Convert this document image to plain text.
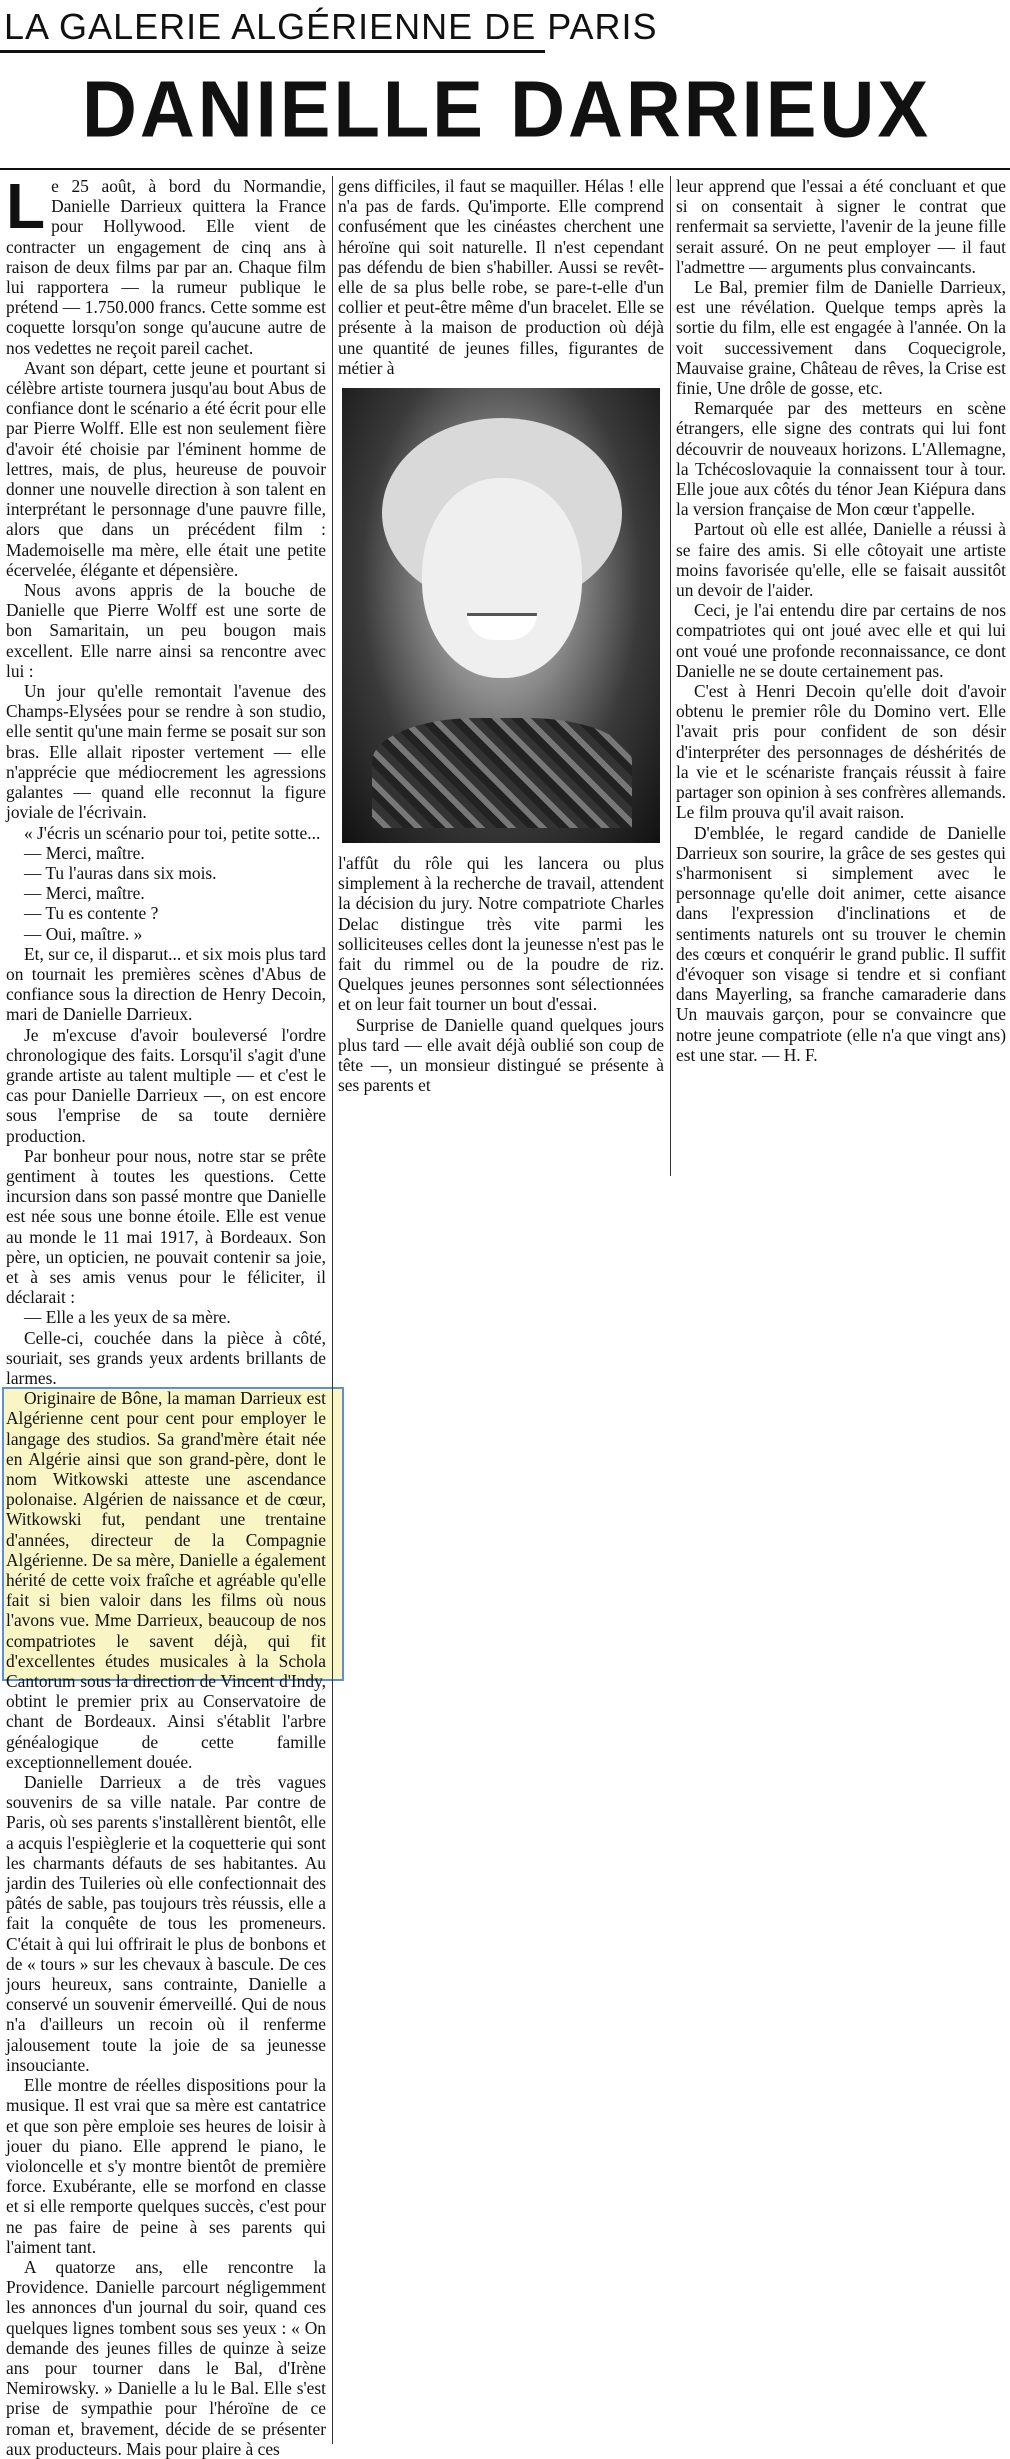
LA GALERIE ALGÉRIENNE DE PARIS
DANIELLE DARRIEUX

Le 25 août, à bord du Normandie, Danielle Darrieux quittera la France pour Hollywood. Elle vient de contracter un engagement de cinq ans à raison de deux films par par an. Chaque film lui rapportera — la rumeur publique le prétend — 1.750.000 francs. Cette somme est coquette lorsqu'on songe qu'aucune autre de nos vedettes ne reçoit pareil cachet.

Avant son départ, cette jeune et pourtant si célèbre artiste tournera jusqu'au bout Abus de confiance dont le scénario a été écrit pour elle par Pierre Wolff. Elle est non seulement fière d'avoir été choisie par l'éminent homme de lettres, mais, de plus, heureuse de pouvoir donner une nouvelle direction à son talent en interprétant le personnage d'une pauvre fille, alors que dans un précédent film : Mademoiselle ma mère, elle était une petite écervelée, élégante et dépensière.

Nous avons appris de la bouche de Danielle que Pierre Wolff est une sorte de bon Samaritain, un peu bougon mais excellent. Elle narre ainsi sa rencontre avec lui :

Un jour qu'elle remontait l'avenue des Champs-Elysées pour se rendre à son studio, elle sentit qu'une main ferme se posait sur son bras. Elle allait riposter vertement — elle n'apprécie que médiocrement les agressions galantes — quand elle reconnut la figure joviale de l'écrivain.

« J'écris un scénario pour toi, petite sotte...

— Merci, maître.

— Tu l'auras dans six mois.

— Merci, maître.

— Tu es contente ?

— Oui, maître. »

Et, sur ce, il disparut... et six mois plus tard on tournait les premières scènes d'Abus de confiance sous la direction de Henry Decoin, mari de Danielle Darrieux.

Je m'excuse d'avoir bouleversé l'ordre chronologique des faits. Lorsqu'il s'agit d'une grande artiste au talent multiple — et c'est le cas pour Danielle Darrieux —, on est encore sous l'emprise de sa toute dernière production.

Par bonheur pour nous, notre star se prête gentiment à toutes les questions. Cette incursion dans son passé montre que Danielle est née sous une bonne étoile. Elle est venue au monde le 11 mai 1917, à Bordeaux. Son père, un opticien, ne pouvait contenir sa joie, et à ses amis venus pour le féliciter, il déclarait :

— Elle a les yeux de sa mère.

Celle-ci, couchée dans la pièce à côté, souriait, ses grands yeux ardents brillants de larmes.

Originaire de Bône, la maman Darrieux est Algérienne cent pour cent pour employer le langage des studios. Sa grand'mère était née en Algérie ainsi que son grand-père, dont le nom Witkowski atteste une ascendance polonaise. Algérien de naissance et de cœur, Witkowski fut, pendant une trentaine d'années, directeur de la Compagnie Algérienne. De sa mère, Danielle a également hérité de cette voix fraîche et agréable qu'elle fait si bien valoir dans les films où nous l'avons vue. Mme Darrieux, beaucoup de nos compatriotes le savent déjà, qui fit d'excellentes études musicales à la Schola Cantorum sous la direction de Vincent d'Indy, obtint le premier prix au Conservatoire de chant de Bordeaux. Ainsi s'établit l'arbre généalogique de cette famille exceptionnellement douée.

Danielle Darrieux a de très vagues souvenirs de sa ville natale. Par contre de Paris, où ses parents s'installèrent bientôt, elle a acquis l'espièglerie et la coquetterie qui sont les charmants défauts de ses habitantes. Au jardin des Tuileries où elle confectionnait des pâtés de sable, pas toujours très réussis, elle a fait la conquête de tous les promeneurs. C'était à qui lui offrirait le plus de bonbons et de « tours » sur les chevaux à bascule. De ces jours heureux, sans contrainte, Danielle a conservé un souvenir émerveillé. Qui de nous n'a d'ailleurs un recoin où il renferme jalousement toute la joie de sa jeunesse insouciante.

Elle montre de réelles dispositions pour la musique. Il est vrai que sa mère est cantatrice et que son père emploie ses heures de loisir à jouer du piano. Elle apprend le piano, le violoncelle et s'y montre bientôt de première force. Exubérante, elle se morfond en classe et si elle remporte quelques succès, c'est pour ne pas faire de peine à ses parents qui l'aiment tant.

A quatorze ans, elle rencontre la Providence. Danielle parcourt négligemment les annonces d'un journal du soir, quand ces quelques lignes tombent sous ses yeux : « On demande des jeunes filles de quinze à seize ans pour tourner dans le Bal, d'Irène Nemirowsky. » Danielle a lu le Bal. Elle s'est prise de sympathie pour l'héroïne de ce roman et, bravement, décide de se présenter aux producteurs. Mais pour plaire à ces

gens difficiles, il faut se maquiller. Hélas ! elle n'a pas de fards. Qu'importe. Elle comprend confusément que les cinéastes cherchent une héroïne qui soit naturelle. Il n'est cependant pas défendu de bien s'habiller. Aussi se revêt-elle de sa plus belle robe, se pare-t-elle d'un collier et peut-être même d'un bracelet. Elle se présente à la maison de production où déjà une quantité de jeunes filles, figurantes de métier à

l'affût du rôle qui les lancera ou plus simplement à la recherche de travail, attendent la décision du jury. Notre compatriote Charles Delac distingue très vite parmi les solliciteuses celles dont la jeunesse n'est pas le fait du rimmel ou de la poudre de riz. Quelques jeunes personnes sont sélectionnées et on leur fait tourner un bout d'essai.

Surprise de Danielle quand quelques jours plus tard — elle avait déjà oublié son coup de tête —, un monsieur distingué se présente à ses parents et

leur apprend que l'essai a été concluant et que si on consentait à signer le contrat que renfermait sa serviette, l'avenir de la jeune fille serait assuré. On ne peut employer — il faut l'admettre — arguments plus convaincants.

Le Bal, premier film de Danielle Darrieux, est une révélation. Quelque temps après la sortie du film, elle est engagée à l'année. On la voit successivement dans Coquecigrole, Mauvaise graine, Château de rêves, la Crise est finie, Une drôle de gosse, etc.

Remarquée par des metteurs en scène étrangers, elle signe des contrats qui lui font découvrir de nouveaux horizons. L'Allemagne, la Tchécoslovaquie la connaissent tour à tour. Elle joue aux côtés du ténor Jean Kiépura dans la version française de Mon cœur t'appelle.

Partout où elle est allée, Danielle a réussi à se faire des amis. Si elle côtoyait une artiste moins favorisée qu'elle, elle se faisait aussitôt un devoir de l'aider.

Ceci, je l'ai entendu dire par certains de nos compatriotes qui ont joué avec elle et qui lui ont voué une profonde reconnaissance, ce dont Danielle ne se doute certainement pas.

C'est à Henri Decoin qu'elle doit d'avoir obtenu le premier rôle du Domino vert. Elle l'avait pris pour confident de son désir d'interpréter des personnages de déshérités de la vie et le scénariste français réussit à faire partager son opinion à ses confrères allemands. Le film prouva qu'il avait raison.

D'emblée, le regard candide de Danielle Darrieux son sourire, la grâce de ses gestes qui s'harmonisent si simplement avec le personnage qu'elle doit animer, cette aisance dans l'expression d'inclinations et de sentiments naturels ont su trouver le chemin des cœurs et conquérir le grand public. Il suffit d'évoquer son visage si tendre et si confiant dans Mayerling, sa franche camaraderie dans Un mauvais garçon, pour se convaincre que notre jeune compatriote (elle n'a que vingt ans) est une star. — H. F.
